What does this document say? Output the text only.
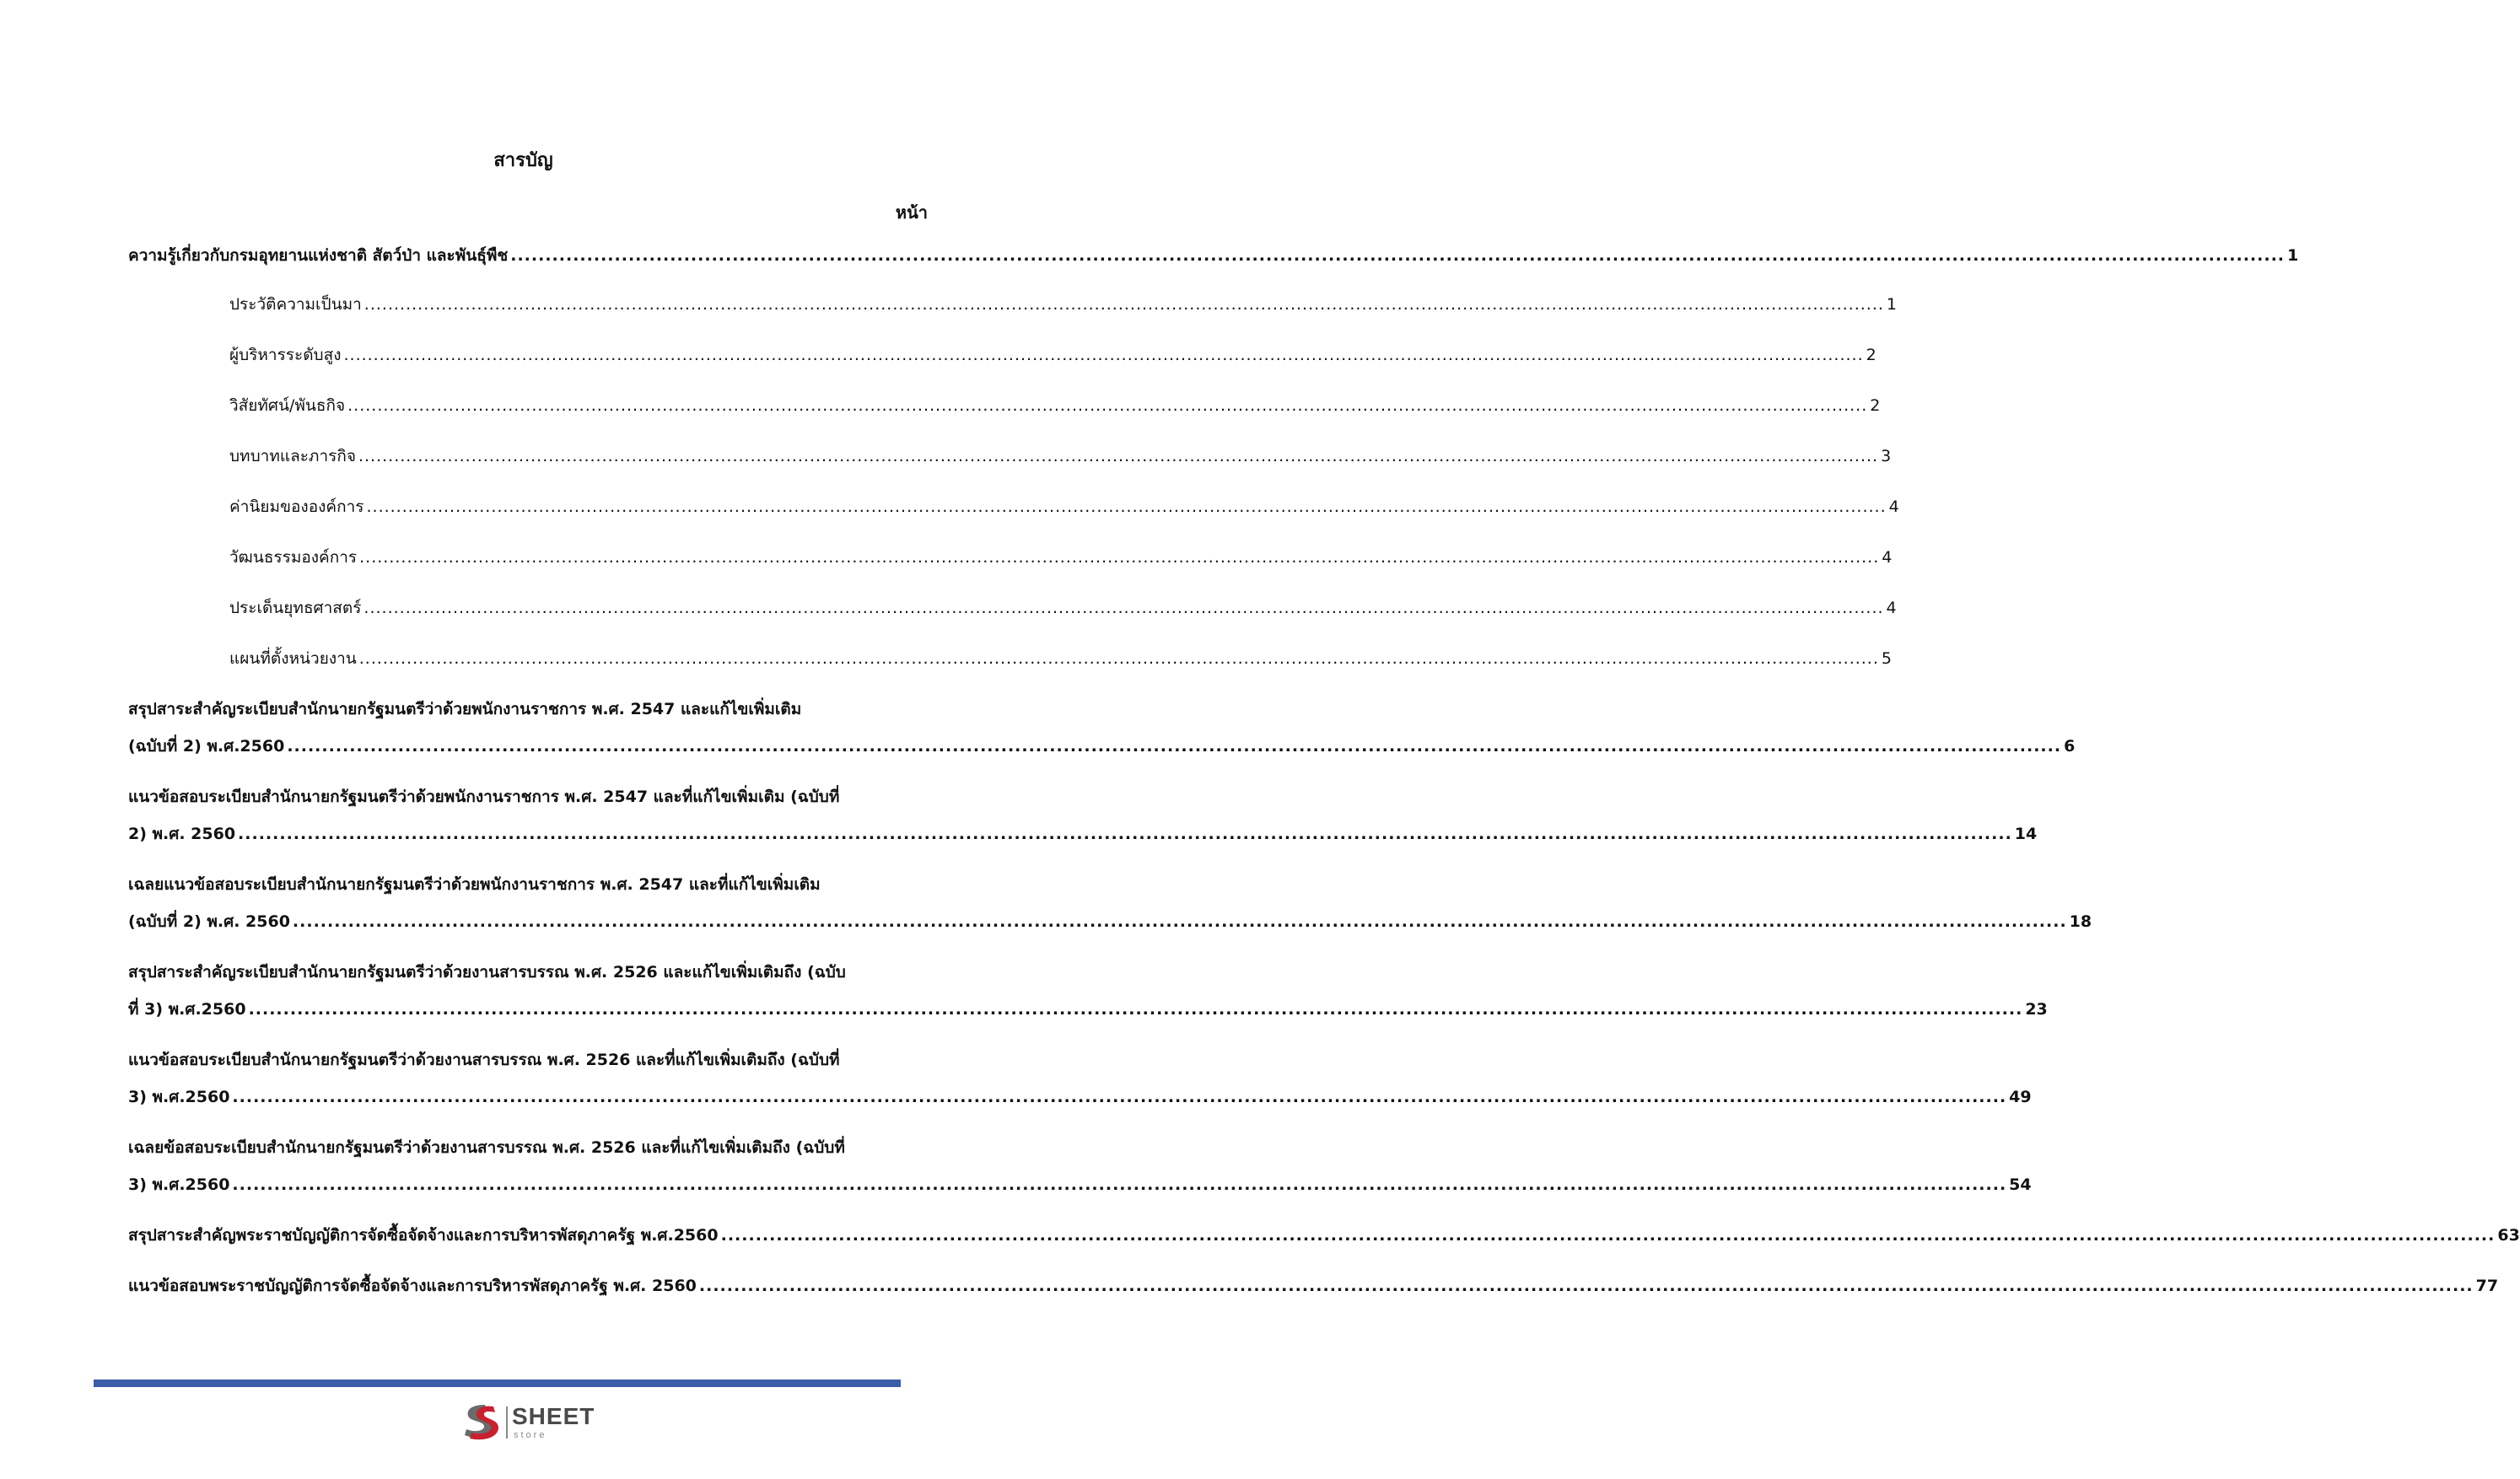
สารบัญ
หน้า
ความรู้เกี่ยวกับกรมอุทยานแห่งชาติ สัตว์ป่า และพันธุ์พืช .....	1
ประวัติความเป็นมา .....	1
ผู้บริหารระดับสูง .....	2
วิสัยทัศน์/พันธกิจ .....	2
บทบาทและภารกิจ .....	3
ค่านิยมขององค์การ .....	4
วัฒนธรรมองค์การ .....	4
ประเด็นยุทธศาสตร์ .....	4
แผนที่ตั้งหน่วยงาน .....	5
สรุปสาระสำคัญระเบียบสำนักนายกรัฐมนตรีว่าด้วยพนักงานราชการ พ.ศ. 2547 และแก้ไขเพิ่มเติม
(ฉบับที่ 2) พ.ศ.2560 .....	6
แนวข้อสอบระเบียบสำนักนายกรัฐมนตรีว่าด้วยพนักงานราชการ พ.ศ. 2547 และที่แก้ไขเพิ่มเติม (ฉบับที่
2) พ.ศ. 2560 .....	14
เฉลยแนวข้อสอบระเบียบสำนักนายกรัฐมนตรีว่าด้วยพนักงานราชการ พ.ศ. 2547 และที่แก้ไขเพิ่มเติม
(ฉบับที่ 2) พ.ศ. 2560 .....	18
สรุปสาระสำคัญระเบียบสำนักนายกรัฐมนตรีว่าด้วยงานสารบรรณ พ.ศ. 2526 และแก้ไขเพิ่มเติมถึง (ฉบับ
ที่ 3) พ.ศ.2560 .....	23
แนวข้อสอบระเบียบสำนักนายกรัฐมนตรีว่าด้วยงานสารบรรณ พ.ศ. 2526 และที่แก้ไขเพิ่มเติมถึง (ฉบับที่
3) พ.ศ.2560 .....	49
เฉลยข้อสอบระเบียบสำนักนายกรัฐมนตรีว่าด้วยงานสารบรรณ พ.ศ. 2526 และที่แก้ไขเพิ่มเติมถึง (ฉบับที่
3) พ.ศ.2560 .....	54
สรุปสาระสำคัญพระราชบัญญัติการจัดซื้อจัดจ้างและการบริหารพัสดุภาครัฐ พ.ศ.2560 .....	63
แนวข้อสอบพระราชบัญญัติการจัดซื้อจัดจ้างและการบริหารพัสดุภาครัฐ พ.ศ. 2560 .....	77
SHEET
store
